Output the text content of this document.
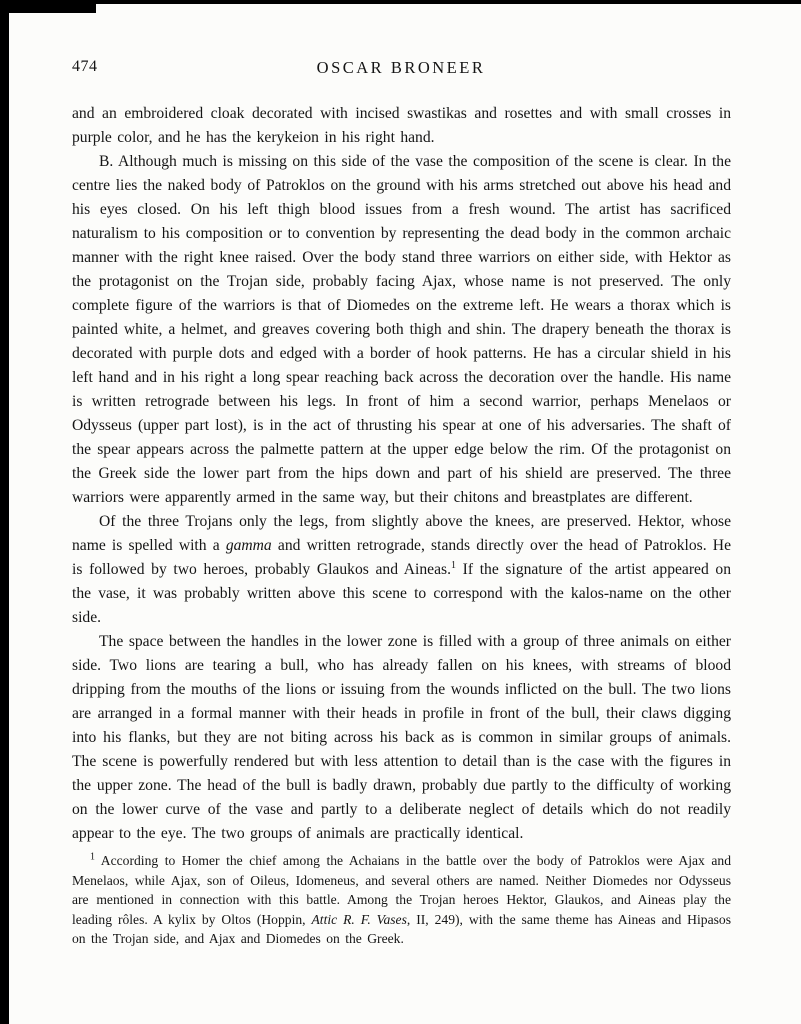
474	OSCAR BRONEER

and an embroidered cloak decorated with incised swastikas and rosettes and with small crosses in purple color, and he has the kerykeion in his right hand.

B. Although much is missing on this side of the vase the composition of the scene is clear. In the centre lies the naked body of Patroklos on the ground with his arms stretched out above his head and his eyes closed. On his left thigh blood issues from a fresh wound. The artist has sacrificed naturalism to his composition or to convention by representing the dead body in the common archaic manner with the right knee raised. Over the body stand three warriors on either side, with Hektor as the protagonist on the Trojan side, probably facing Ajax, whose name is not preserved. The only complete figure of the warriors is that of Diomedes on the extreme left. He wears a thorax which is painted white, a helmet, and greaves covering both thigh and shin. The drapery beneath the thorax is decorated with purple dots and edged with a border of hook patterns. He has a circular shield in his left hand and in his right a long spear reaching back across the decoration over the handle. His name is written retrograde between his legs. In front of him a second warrior, perhaps Menelaos or Odysseus (upper part lost), is in the act of thrusting his spear at one of his adversaries. The shaft of the spear appears across the palmette pattern at the upper edge below the rim. Of the protagonist on the Greek side the lower part from the hips down and part of his shield are preserved. The three warriors were apparently armed in the same way, but their chitons and breastplates are different.

Of the three Trojans only the legs, from slightly above the knees, are preserved. Hektor, whose name is spelled with a gamma and written retrograde, stands directly over the head of Patroklos. He is followed by two heroes, probably Glaukos and Aineas.$^1$ If the signature of the artist appeared on the vase, it was probably written above this scene to correspond with the kalos-name on the other side.

The space between the handles in the lower zone is filled with a group of three animals on either side. Two lions are tearing a bull, who has already fallen on his knees, with streams of blood dripping from the mouths of the lions or issuing from the wounds inflicted on the bull. The two lions are arranged in a formal manner with their heads in profile in front of the bull, their claws digging into his flanks, but they are not biting across his back as is common in similar groups of animals. The scene is powerfully rendered but with less attention to detail than is the case with the figures in the upper zone. The head of the bull is badly drawn, probably due partly to the difficulty of working on the lower curve of the vase and partly to a deliberate neglect of details which do not readily appear to the eye. The two groups of animals are practically identical.

$^1$ According to Homer the chief among the Achaians in the battle over the body of Patroklos were Ajax and Menelaos, while Ajax, son of Oileus, Idomeneus, and several others are named. Neither Diomedes nor Odysseus are mentioned in connection with this battle. Among the Trojan heroes Hektor, Glaukos, and Aineas play the leading rôles. A kylix by Oltos (Hoppin, Attic R. F. Vases, II, 249), with the same theme has Aineas and Hipasos on the Trojan side, and Ajax and Diomedes on the Greek.
